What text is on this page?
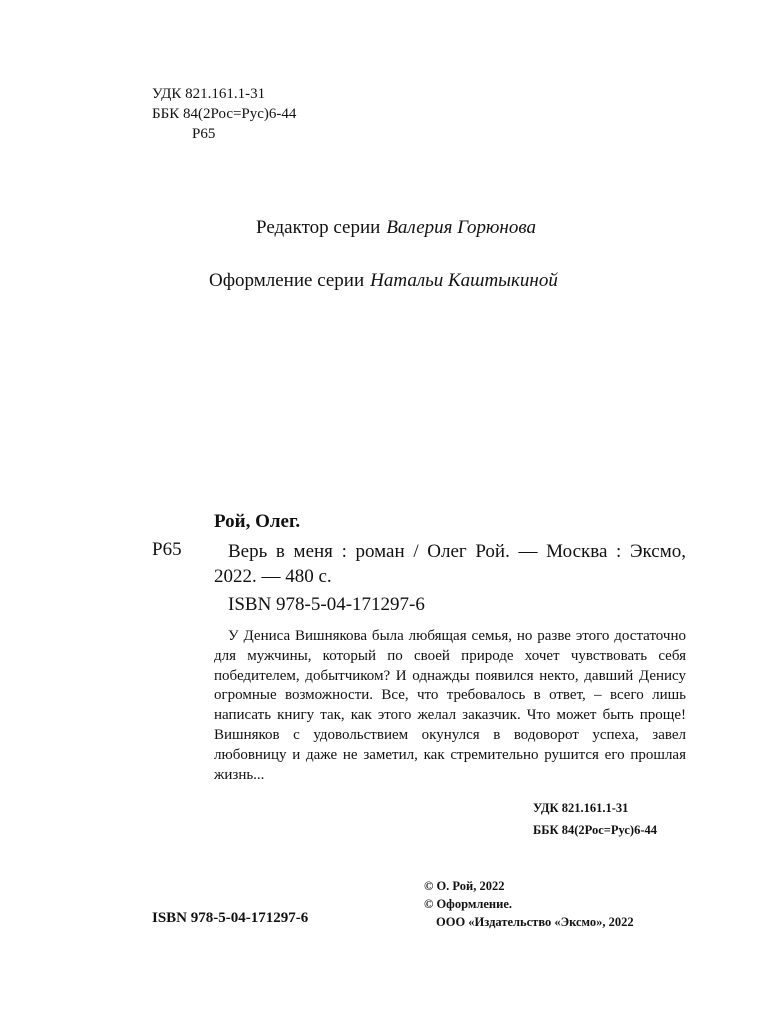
УДК 821.161.1-31
ББК 84(2Рос=Рус)6-44
Р65
Редактор серии Валерия Горюнова
Оформление серии Натальи Каштыкиной
Рой, Олег.
Р65	Верь в меня : роман / Олег Рой. — Москва : Эксмо, 2022. — 480 с.
ISBN 978-5-04-171297-6
У Дениса Вишнякова была любящая семья, но разве этого достаточно для мужчины, который по своей природе хочет чувствовать себя победителем, добытчиком? И однажды появился некто, давший Денису огромные возможности. Все, что требовалось в ответ, – всего лишь написать книгу так, как этого желал заказчик. Что может быть проще! Вишняков с удовольствием окунулся в водоворот успеха, завел любовницу и даже не заметил, как стремительно рушится его прошлая жизнь...
УДК 821.161.1-31
ББК 84(2Рос=Рус)6-44
ISBN 978-5-04-171297-6
© О. Рой, 2022
© Оформление.
ООО «Издательство «Эксмо», 2022
